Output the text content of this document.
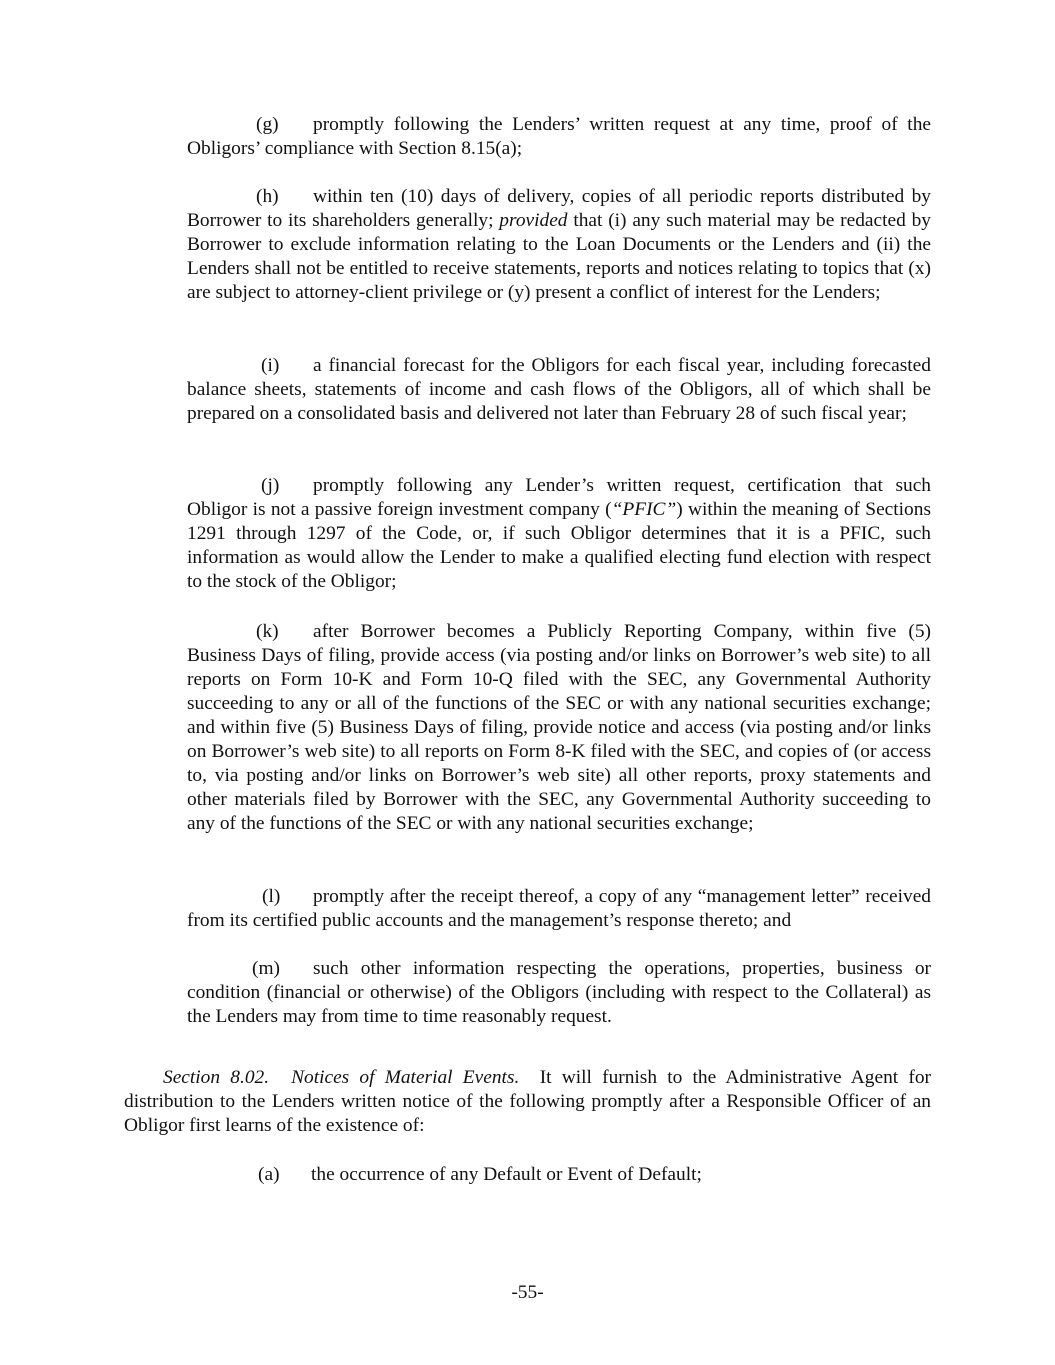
(g) promptly following the Lenders’ written request at any time, proof of the Obligors’ compliance with Section 8.15(a);

(h) within ten (10) days of delivery, copies of all periodic reports distributed by Borrower to its shareholders generally; provided that (i) any such material may be redacted by Borrower to exclude information relating to the Loan Documents or the Lenders and (ii) the Lenders shall not be entitled to receive statements, reports and notices relating to topics that (x) are subject to attorney-client privilege or (y) present a conflict of interest for the Lenders;

(i) a financial forecast for the Obligors for each fiscal year, including forecasted balance sheets, statements of income and cash flows of the Obligors, all of which shall be prepared on a consolidated basis and delivered not later than February 28 of such fiscal year;

(j) promptly following any Lender’s written request, certification that such Obligor is not a passive foreign investment company (“PFIC”) within the meaning of Sections 1291 through 1297 of the Code, or, if such Obligor determines that it is a PFIC, such information as would allow the Lender to make a qualified electing fund election with respect to the stock of the Obligor;

(k) after Borrower becomes a Publicly Reporting Company, within five (5) Business Days of filing, provide access (via posting and/or links on Borrower’s web site) to all reports on Form 10-K and Form 10-Q filed with the SEC, any Governmental Authority succeeding to any or all of the functions of the SEC or with any national securities exchange; and within five (5) Business Days of filing, provide notice and access (via posting and/or links on Borrower’s web site) to all reports on Form 8-K filed with the SEC, and copies of (or access to, via posting and/or links on Borrower’s web site) all other reports, proxy statements and other materials filed by Borrower with the SEC, any Governmental Authority succeeding to any of the functions of the SEC or with any national securities exchange;

(l) promptly after the receipt thereof, a copy of any “management letter” received from its certified public accounts and the management’s response thereto; and

(m) such other information respecting the operations, properties, business or condition (financial or otherwise) of the Obligors (including with respect to the Collateral) as the Lenders may from time to time reasonably request.

Section 8.02. Notices of Material Events. It will furnish to the Administrative Agent for distribution to the Lenders written notice of the following promptly after a Responsible Officer of an Obligor first learns of the existence of:

(a) the occurrence of any Default or Event of Default;
-55-
